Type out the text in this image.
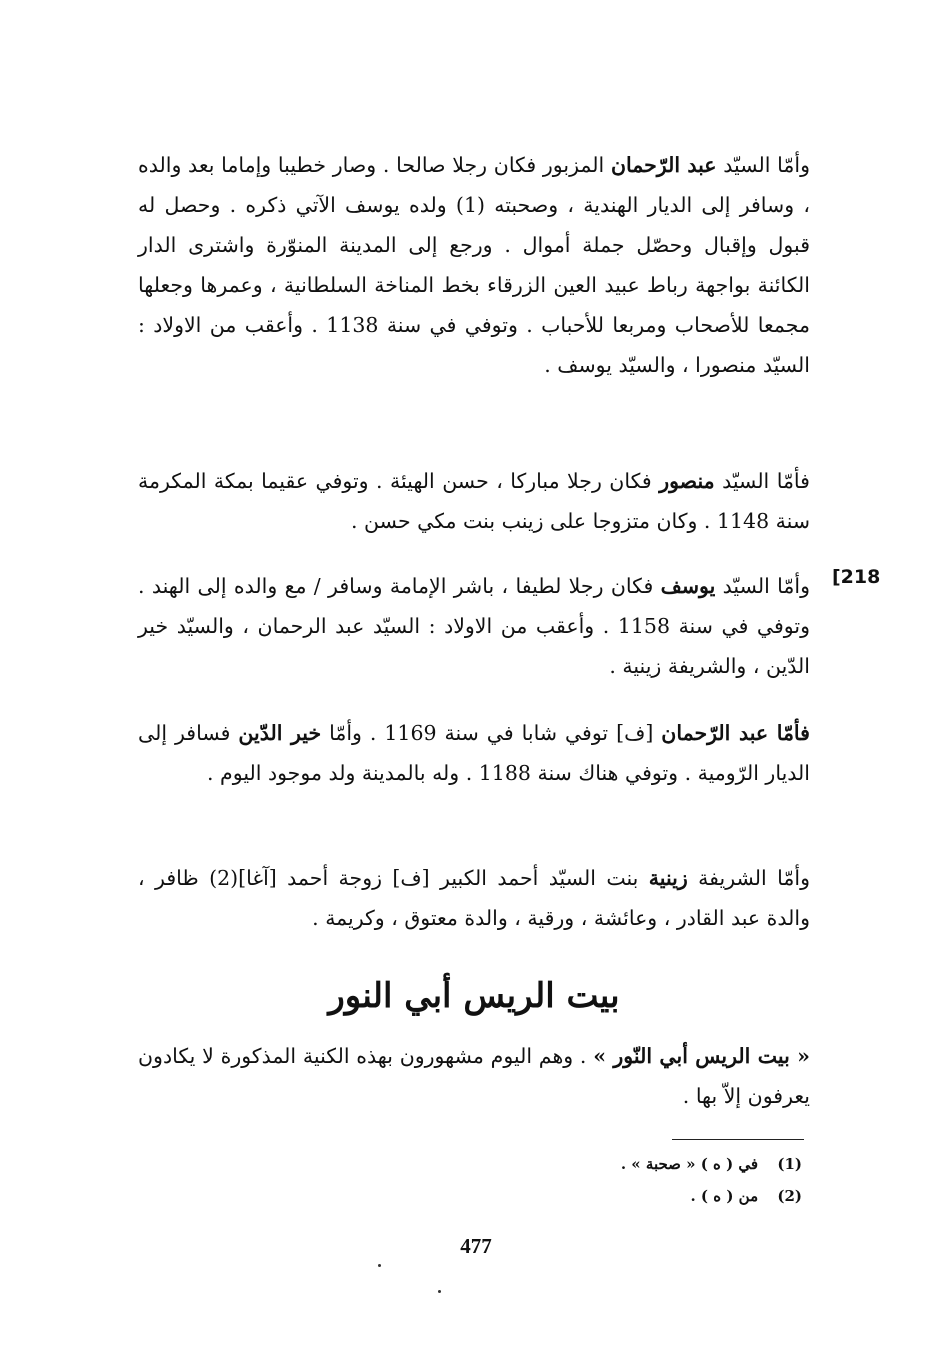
وأمّا السيّد عبد الرّحمان المزبور فكان رجلا صالحا . وصار خطيبا وإماما بعد والده ، وسافر إلى الديار الهندية ، وصحبته (1) ولده يوسف الآتي ذكره . وحصل له قبول وإقبال وحصّل جملة أموال . ورجع إلى المدينة المنوّرة واشترى الدار الكائنة بواجهة رباط عبيد العين الزرقاء بخط المناخة السلطانية ، وعمرها وجعلها مجمعا للأصحاب ومربعا للأحباب . وتوفي في سنة 1138 . وأعقب من الاولاد : السيّد منصورا ، والسيّد يوسف .

فأمّا السيّد منصور فكان رجلا مباركا ، حسن الهيئة . وتوفي عقيما بمكة المكرمة سنة 1148 . وكان متزوجا على زينب بنت مكي حسن .

[218

وأمّا السيّد يوسف فكان رجلا لطيفا ، باشر الإمامة وسافر / مع والده إلى الهند . وتوفي في سنة 1158 . وأعقب من الاولاد : السيّد عبد الرحمان ، والسيّد خير الدّين ، والشريفة زينية .

فأمّا عبد الرّحمان [ف] توفي شابا في سنة 1169 . وأمّا خير الدّين فسافر إلى الديار الرّومية . وتوفي هناك سنة 1188 . وله بالمدينة ولد موجود اليوم .

وأمّا الشريفة زينية بنت السيّد أحمد الكبير [ف] زوجة أحمد [آغا](2) ظافر ، والدة عبد القادر ، وعائشة ، ورقية ، والدة معتوق ، وكريمة .

بيت الريس أبي النور

« بيت الريس أبي النّور » . وهم اليوم مشهورون بهذه الكنية المذكورة لا يكادون يعرفون إلاّ بها .

(1) في ( ه ) « صحبة » .
(2) من ( ه ) .
477
